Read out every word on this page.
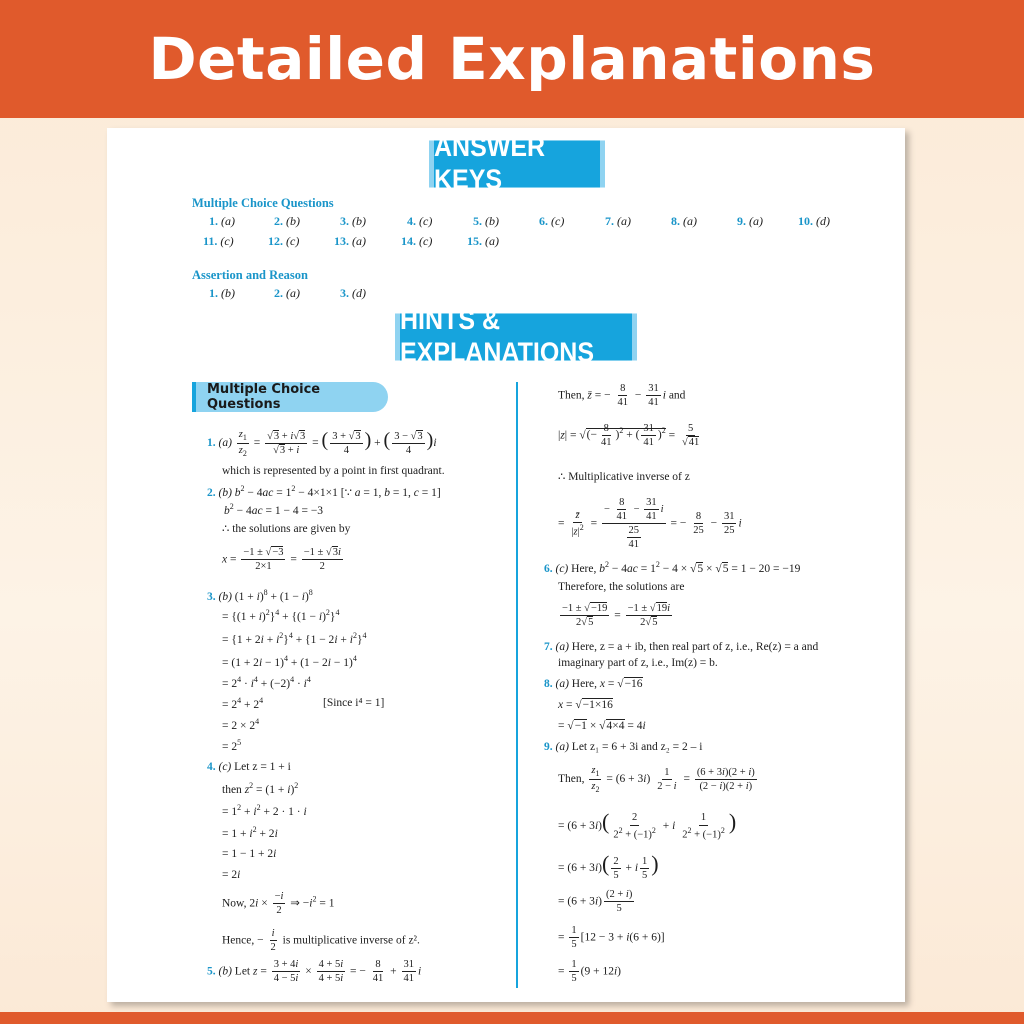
Detailed Explanations
ANSWER KEYS
Multiple Choice Questions
1. (a)	2. (b)	3. (b)	4. (c)	5. (b)	6. (c)	7. (a)	8. (a)	9. (a)	10. (d)
11. (c)	12. (c)	13. (a)	14. (c)	15. (a)
Assertion and Reason
1. (b)	2. (a)	3. (d)
HINTS & EXPLANATIONS
Multiple Choice Questions
1. $(a) \frac{z_1}{z_2} = \frac{√3 + i√3}{√3 + i}$ = ( $\frac{3 + √3}{4}$ ) + ( $\frac{3 - √3}{4} )i$
which is represented by a point in first quadrant.
2. (b) $b^2 - 4ac = 1^2 - 4\times 1\times 1$ [∵ a = 1, b = 1, c = 1]
$b^2 - 4ac = 1 - 4 = -3$
∴ the solutions are given by
$x = \frac{-1 \pm √-3}{2\times 1} = \frac{-1 \pm √3i}{2}$
3. (b) $(1 + i)^8 + (1 - i)^8$
= $\{(1 + i)^2\}^4 + \{(1 - i)^2\}^4$
= $\{1 + 2i + i^2\}^4 + \{1 - 2i + i^2\}^4$
= $(1 + 2i - 1)^4 + (1 - 2i - 1)^4$
= $2^4 \cdot i^4 + (-2)^4 \cdot i^4$
= $2^4 + 2^4$	[Since i⁴ = 1]
= $2 \times 2^4$
= $2^5$
4. (c) Let z = 1 + i
then $z^2 = (1 + i)^2$
= $1^2 + i^2 + 2 \cdot 1 \cdot i$
= $1 + i^2 + 2i$
= 1 − 1 + 2i
= 2i
Now, $2i \times \frac{-i}{2}$ ⇒ $-i^2 = 1$
Hence, − $\frac{i}{2}$ is multiplicative inverse of z².
5. (b) Let $z = \frac{3 + 4i}{4 - 5i} \times \frac{4 + 5i}{4 + 5i}$ = − $\frac{8}{41} + \frac{31}{41}$ i
Then, z̄ = − $\frac{8}{41} - \frac{31}{41}$ i and
|z| = √(− $\frac{8}{41} )^2$ + ( $\frac{31}{41} )^2 = \frac{5}{√41}$
∴ Multiplicative inverse of z
= $\frac{z̄}{|z|^2} = \frac{- \frac{8}{41} - \frac{31}{41} i}{\frac{25}{41}}$ = − $\frac{8}{25} - \frac{31}{25}$ i
6. (c) Here, $b^2 - 4ac = 1^2 - 4 \times √5 \times √5 = 1 - 20 = -19$
Therefore, the solutions are
$\frac{-1 \pm √-19}{2√5} = \frac{-1 \pm √19i}{2√5}$
7. (a) Here, z = a + ib, then real part of z, i.e., Re(z) = a and
imaginary part of z, i.e., Im(z) = b.
8. (a) Here, x = √−16
x = √−1×16
= √−1 × √4×4 = 4i
9. (a) Let z₁ = 6 + 3i and z₂ = 2 – i
Then, $\frac{z_1}{z_2} = (6 + 3i) \frac{1}{2 - i} = \frac{(6 + 3i)(2 + i)}{(2 - i)(2 + i)}$
= $(6 + 3i)( \frac{2}{2^2 + (-1)^2} + i \frac{1}{2^2 + (-1)^2}$ )
= $(6 + 3i)( \frac{2}{5} + i \frac{1}{5}$ )
= $(6 + 3i) \frac{(2 + i)}{5}$
= $\frac{1}{5} [12 - 3 + i(6 + 6)]$
= $\frac{1}{5} (9 + 12i)$
